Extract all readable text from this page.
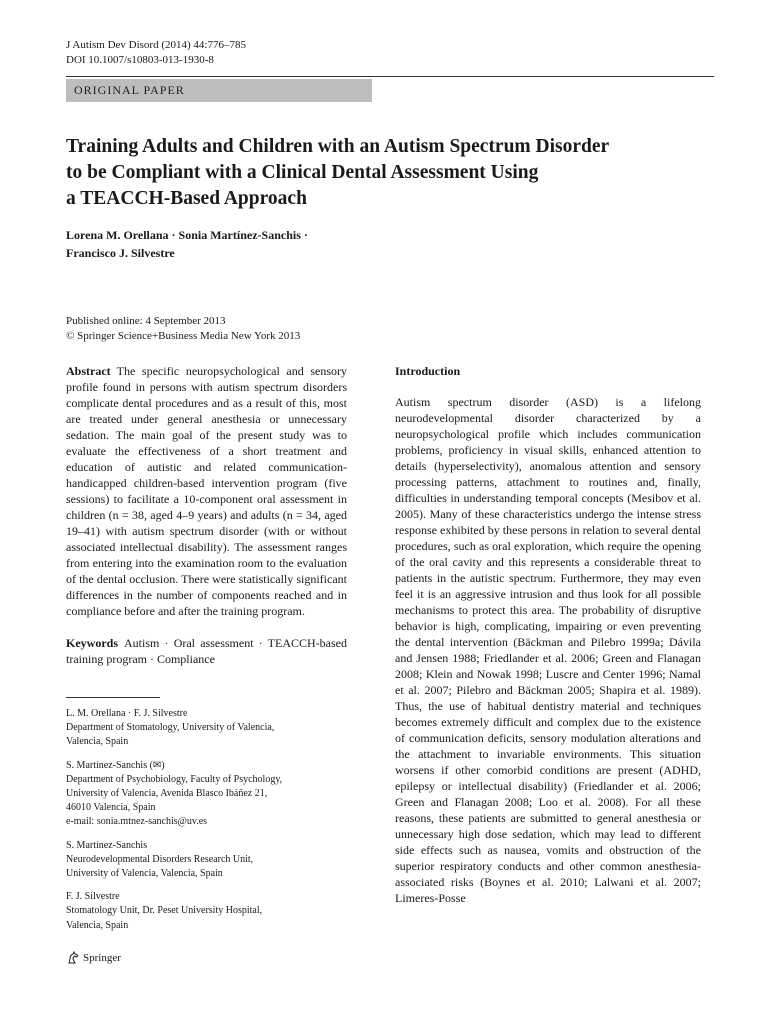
J Autism Dev Disord (2014) 44:776–785
DOI 10.1007/s10803-013-1930-8
ORIGINAL PAPER
Training Adults and Children with an Autism Spectrum Disorder
to be Compliant with a Clinical Dental Assessment Using
a TEACCH-Based Approach
Lorena M. Orellana · Sonia Martínez-Sanchis ·
Francisco J. Silvestre
Published online: 4 September 2013
© Springer Science+Business Media New York 2013

Abstract The specific neuropsychological and sensory profile found in persons with autism spectrum disorders complicate dental procedures and as a result of this, most are treated under general anesthesia or unnecessary sedation. The main goal of the present study was to evaluate the effectiveness of a short treatment and education of autistic and related communication-handicapped children-based intervention program (five sessions) to facilitate a 10-component oral assessment in children (n = 38, aged 4–9 years) and adults (n = 34, aged 19–41) with autism spectrum disorder (with or without associated intellectual disability). The assessment ranges from entering into the examination room to the evaluation of the dental occlusion. There were statistically significant differences in the number of components reached and in compliance before and after the training program.

Keywords Autism · Oral assessment · TEACCH-based training program · Compliance

L. M. Orellana · F. J. Silvestre
Department of Stomatology, University of Valencia,
Valencia, Spain
S. Martínez-Sanchis (✉)
Department of Psychobiology, Faculty of Psychology,
University of Valencia, Avenida Blasco Ibáñez 21,
46010 Valencia, Spain
e-mail: sonia.mtnez-sanchis@uv.es
S. Martínez-Sanchis
Neurodevelopmental Disorders Research Unit,
University of Valencia, Valencia, Spain
F. J. Silvestre
Stomatology Unit, Dr. Peset University Hospital,
Valencia, Spain
Introduction

Autism spectrum disorder (ASD) is a lifelong neurodevelopmental disorder characterized by a neuropsychological profile which includes communication problems, proficiency in visual skills, enhanced attention to details (hyperselectivity), anomalous attention and sensory processing patterns, attachment to routines and, finally, difficulties in understanding temporal concepts (Mesibov et al. 2005). Many of these characteristics undergo the intense stress response exhibited by these persons in relation to several dental procedures, such as oral exploration, which require the opening of the oral cavity and this represents a considerable threat to patients in the autistic spectrum. Furthermore, they may even feel it is an aggressive intrusion and thus look for all possible mechanisms to protect this area. The probability of disruptive behavior is high, complicating, impairing or even preventing the dental intervention (Bäckman and Pilebro 1999a; Dávila and Jensen 1988; Friedlander et al. 2006; Green and Flanagan 2008; Klein and Nowak 1998; Luscre and Center 1996; Namal et al. 2007; Pilebro and Bäckman 2005; Shapira et al. 1989). Thus, the use of habitual dentistry material and techniques becomes extremely difficult and complex due to the existence of communication deficits, sensory modulation alterations and the attachment to invariable environments. This situation worsens if other comorbid conditions are present (ADHD, epilepsy or intellectual disability) (Friedlander et al. 2006; Green and Flanagan 2008; Loo et al. 2008). For all these reasons, these patients are submitted to general anesthesia or unnecessary high dose sedation, which may lead to different side effects such as nausea, vomits and obstruction of the superior respiratory conducts and other common anesthesia-associated risks (Boynes et al. 2010; Lalwani et al. 2007; Limeres-Posse

Springer
